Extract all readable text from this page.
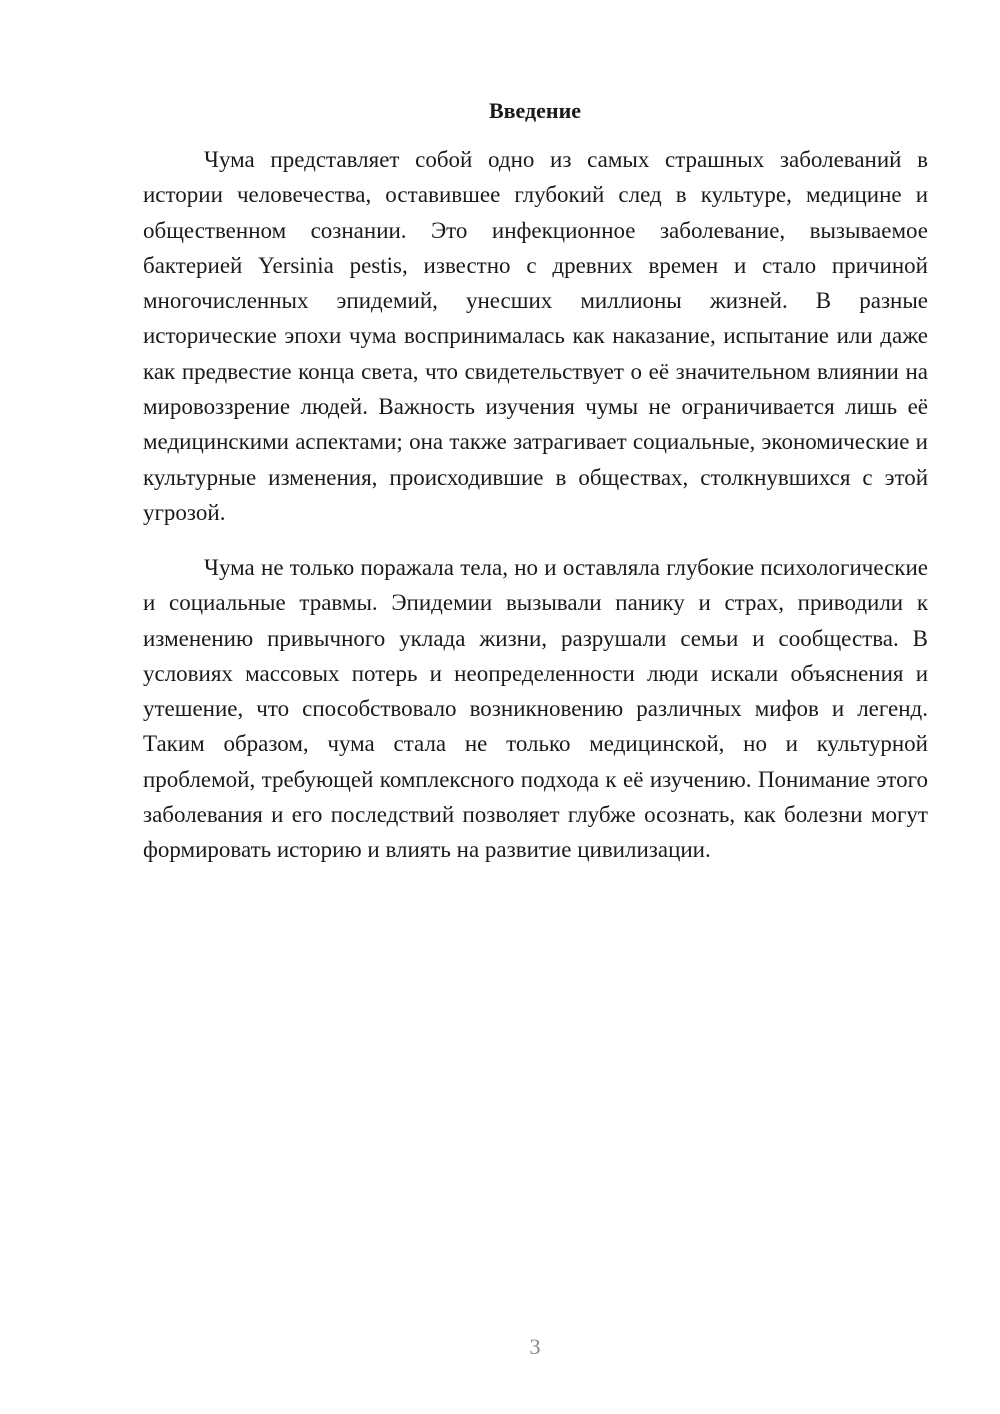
Введение

Чума представляет собой одно из самых страшных заболеваний в истории человечества, оставившее глубокий след в культуре, медицине и общественном сознании. Это инфекционное заболевание, вызываемое бактерией Yersinia pestis, известно с древних времен и стало причиной многочисленных эпидемий, унесших миллионы жизней. В разные исторические эпохи чума воспринималась как наказание, испытание или даже как предвестие конца света, что свидетельствует о её значительном влиянии на мировоззрение людей. Важность изучения чумы не ограничивается лишь её медицинскими аспектами; она также затрагивает социальные, экономические и культурные изменения, происходившие в обществах, столкнувшихся с этой угрозой.

Чума не только поражала тела, но и оставляла глубокие психологические и социальные травмы. Эпидемии вызывали панику и страх, приводили к изменению привычного уклада жизни, разрушали семьи и сообщества. В условиях массовых потерь и неопределенности люди искали объяснения и утешение, что способствовало возникновению различных мифов и легенд. Таким образом, чума стала не только медицинской, но и культурной проблемой, требующей комплексного подхода к её изучению. Понимание этого заболевания и его последствий позволяет глубже осознать, как болезни могут формировать историю и влиять на развитие цивилизации.

3
